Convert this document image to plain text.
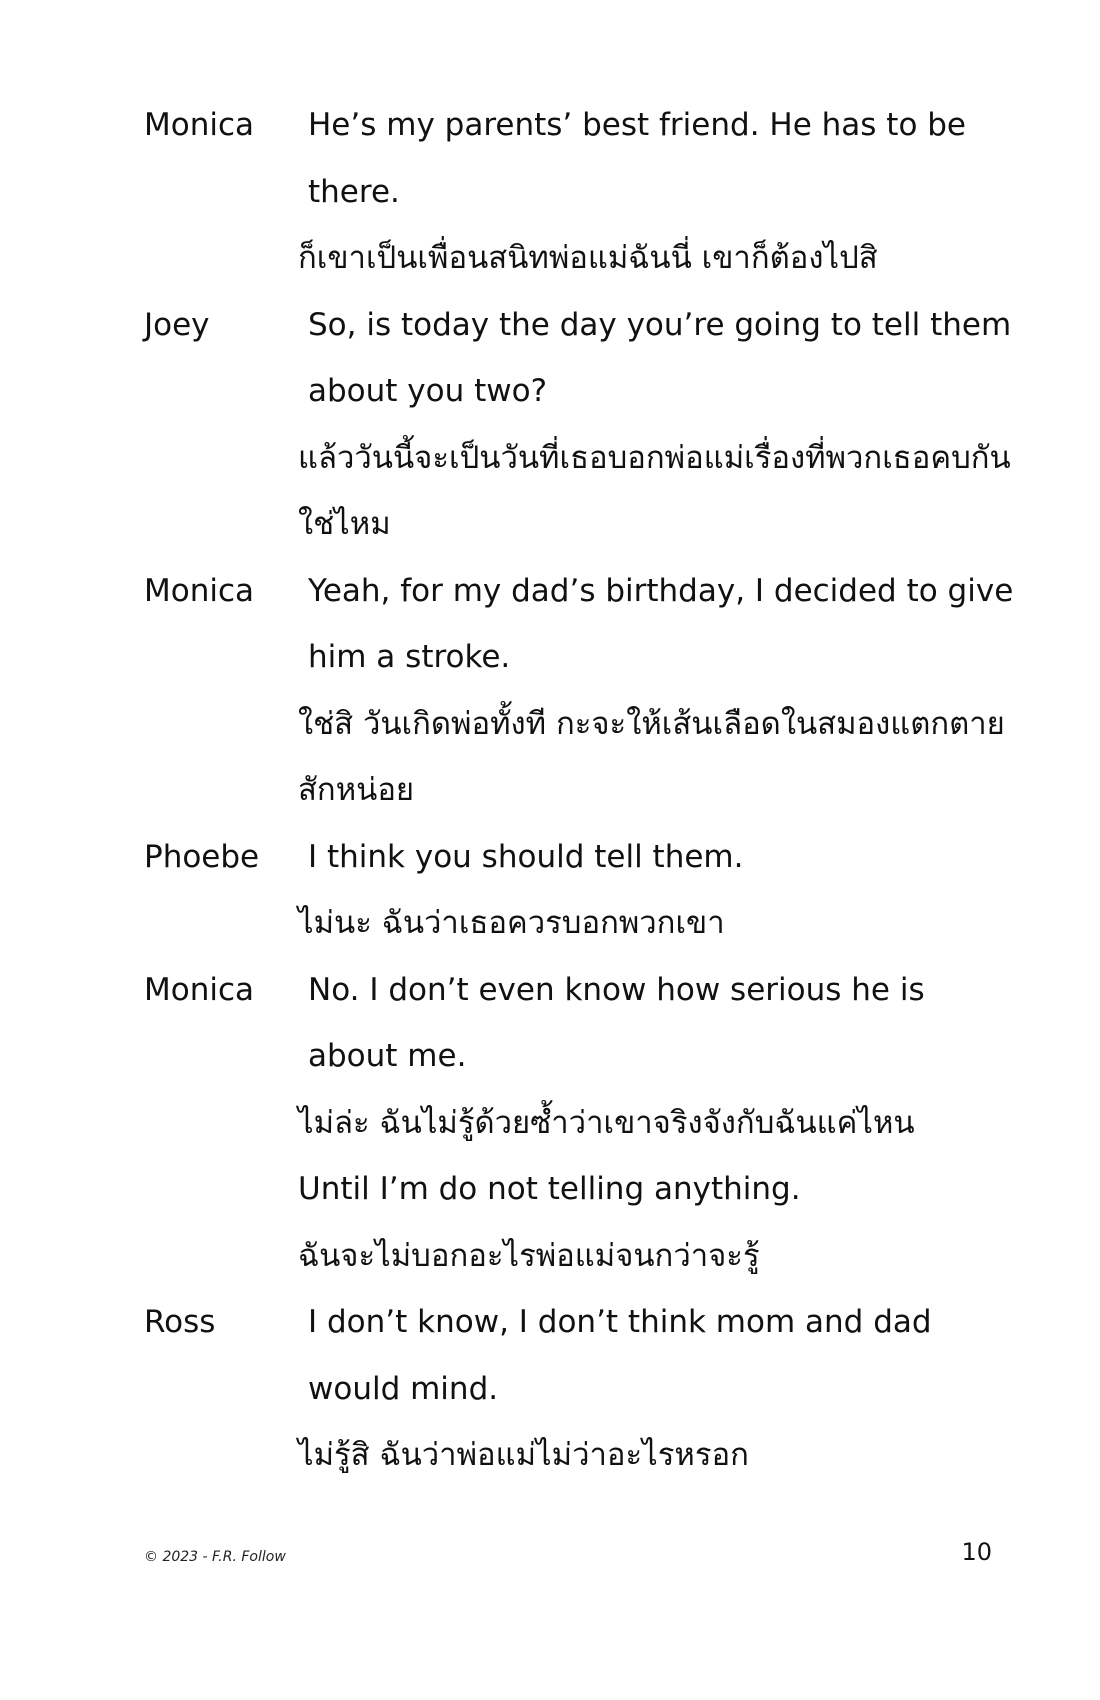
Monica	He’s my parents’ best friend. He has to be there.
ก็เขาเป็นเพื่อนสนิทพ่อแม่ฉันนี่ เขาก็ต้องไปสิ
Joey	So, is today the day you’re going to tell them about you two?
แล้ววันนี้จะเป็นวันที่เธอบอกพ่อแม่เรื่องที่พวกเธอคบกันใช่ไหม
Monica	Yeah, for my dad’s birthday, I decided to give him a stroke.
ใช่สิ วันเกิดพ่อทั้งที กะจะให้เส้นเลือดในสมองแตกตายสักหน่อย
Phoebe	I think you should tell them.
ไม่นะ ฉันว่าเธอควรบอกพวกเขา
Monica	No. I don’t even know how serious he is about me.
ไม่ล่ะ ฉันไม่รู้ด้วยซ้ำว่าเขาจริงจังกับฉันแค่ไหน
Until I’m do not telling anything.
ฉันจะไม่บอกอะไรพ่อแม่จนกว่าจะรู้
Ross	I don’t know, I don’t think mom and dad would mind.
ไม่รู้สิ ฉันว่าพ่อแม่ไม่ว่าอะไรหรอก
© 2023 - F.R. Follow	10
